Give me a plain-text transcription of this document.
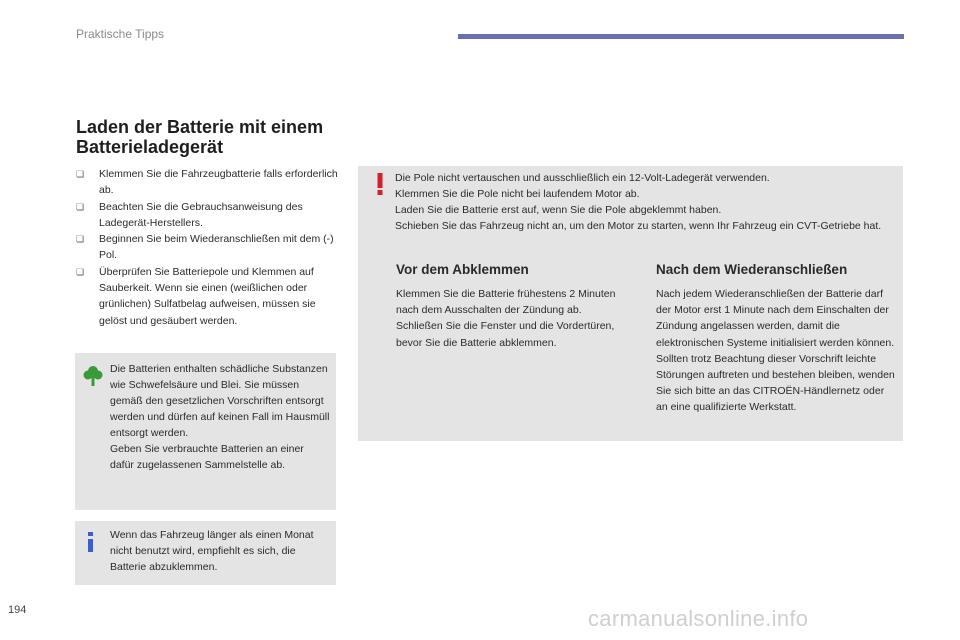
Praktische Tipps
Laden der Batterie mit einem Batterieladegerät
❏ Klemmen Sie die Fahrzeugbatterie falls erforderlich ab.
❏ Beachten Sie die Gebrauchsanweisung des Ladegerät-Herstellers.
❏ Beginnen Sie beim Wiederanschließen mit dem (-) Pol.
❏ Überprüfen Sie Batteriepole und Klemmen auf Sauberkeit. Wenn sie einen (weißlichen oder grünlichen) Sulfatbelag aufweisen, müssen sie gelöst und gesäubert werden.

Die Batterien enthalten schädliche Substanzen wie Schwefelsäure und Blei. Sie müssen gemäß den gesetzlichen Vorschriften entsorgt werden und dürfen auf keinen Fall im Hausmüll entsorgt werden.

Geben Sie verbrauchte Batterien an einer dafür zugelassenen Sammelstelle ab.

Wenn das Fahrzeug länger als einen Monat nicht benutzt wird, empfiehlt es sich, die Batterie abzuklemmen.

Die Pole nicht vertauschen und ausschließlich ein 12-Volt-Ladegerät verwenden.

Klemmen Sie die Pole nicht bei laufendem Motor ab.

Laden Sie die Batterie erst auf, wenn Sie die Pole abgeklemmt haben.

Schieben Sie das Fahrzeug nicht an, um den Motor zu starten, wenn Ihr Fahrzeug ein CVT-Getriebe hat.

Vor dem Abklemmen	Nach dem Wiederanschließen
Klemmen Sie die Batterie frühestens 2 Minuten nach dem Ausschalten der Zündung ab. Schließen Sie die Fenster und die Vordertüren, bevor Sie die Batterie abklemmen.
Nach jedem Wiederanschließen der Batterie darf der Motor erst 1 Minute nach dem Einschalten der Zündung angelassen werden, damit die elektronischen Systeme initialisiert werden können. Sollten trotz Beachtung dieser Vorschrift leichte Störungen auftreten und bestehen bleiben, wenden Sie sich bitte an das CITROËN-Händlernetz oder an eine qualifizierte Werkstatt.
194	carmanualsonline.info
